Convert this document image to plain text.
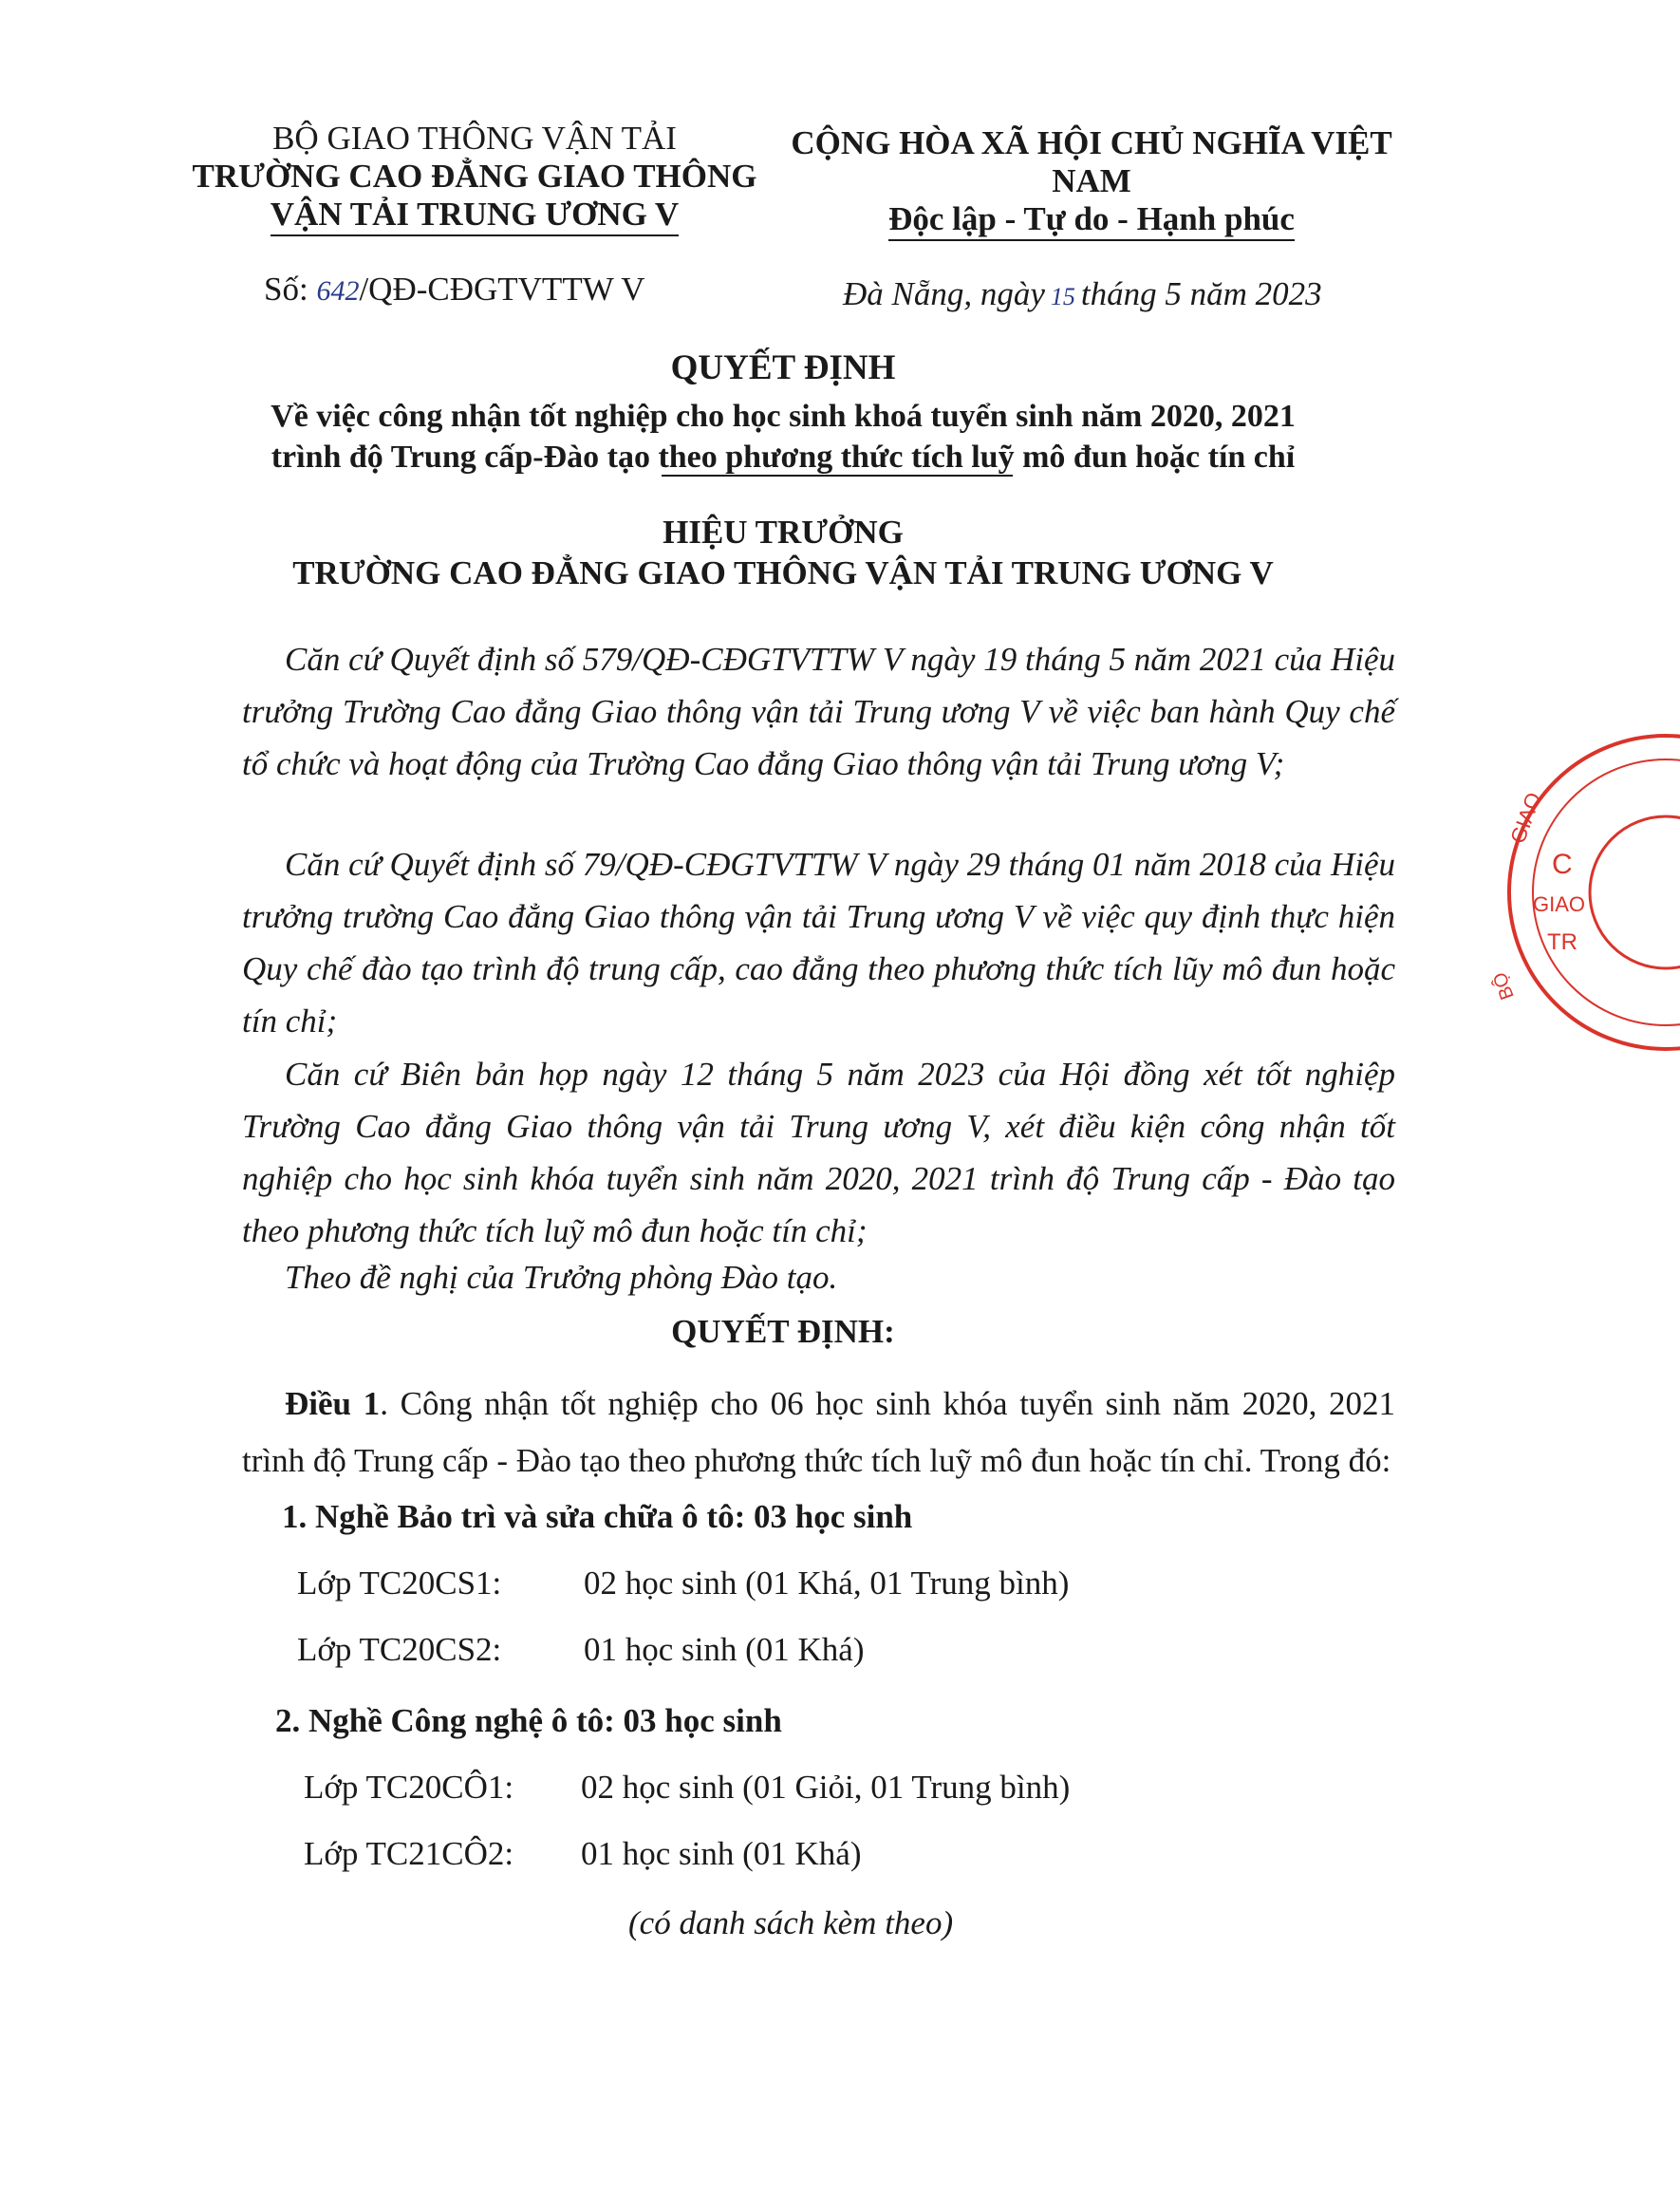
BỘ GIAO THÔNG VẬN TẢI
TRƯỜNG CAO ĐẲNG GIAO THÔNG
VẬN TẢI TRUNG ƯƠNG V
CỘNG HÒA XÃ HỘI CHỦ NGHĨA VIỆT NAM
Độc lập - Tự do - Hạnh phúc
Số: 642/QĐ-CĐGTVTTW V	Đà Nẵng, ngày 15 tháng 5 năm 2023
QUYẾT ĐỊNH
Về việc công nhận tốt nghiệp cho học sinh khoá tuyển sinh năm 2020, 2021
trình độ Trung cấp-Đào tạo theo phương thức tích luỹ mô đun hoặc tín chỉ
HIỆU TRƯỞNG
TRƯỜNG CAO ĐẲNG GIAO THÔNG VẬN TẢI TRUNG ƯƠNG V
Căn cứ Quyết định số 579/QĐ-CĐGTVTTW V ngày 19 tháng 5 năm 2021 của Hiệu trưởng Trường Cao đẳng Giao thông vận tải Trung ương V về việc ban hành Quy chế tổ chức và hoạt động của Trường Cao đẳng Giao thông vận tải Trung ương V;
Căn cứ Quyết định số 79/QĐ-CĐGTVTTW V ngày 29 tháng 01 năm 2018 của Hiệu trưởng trường Cao đẳng Giao thông vận tải Trung ương V về việc quy định thực hiện Quy chế đào tạo trình độ trung cấp, cao đẳng theo phương thức tích lũy mô đun hoặc tín chỉ;
Căn cứ Biên bản họp ngày 12 tháng 5 năm 2023 của Hội đồng xét tốt nghiệp Trường Cao đẳng Giao thông vận tải Trung ương V, xét điều kiện công nhận tốt nghiệp cho học sinh khóa tuyển sinh năm 2020, 2021 trình độ Trung cấp - Đào tạo theo phương thức tích luỹ mô đun hoặc tín chỉ;
Theo đề nghị của Trưởng phòng Đào tạo.
QUYẾT ĐỊNH:
Điều 1. Công nhận tốt nghiệp cho 06 học sinh khóa tuyển sinh năm 2020, 2021 trình độ Trung cấp - Đào tạo theo phương thức tích luỹ mô đun hoặc tín chỉ. Trong đó:
1. Nghề Bảo trì và sửa chữa ô tô: 03 học sinh
Lớp TC20CS1: 02 học sinh (01 Khá, 01 Trung bình)
Lớp TC20CS2: 01 học sinh (01 Khá)
2. Nghề Công nghệ ô tô: 03 học sinh
Lớp TC20CÔ1: 02 học sinh (01 Giỏi, 01 Trung bình)
Lớp TC21CÔ2: 01 học sinh (01 Khá)
(có danh sách kèm theo)
GIAO
BỘ
C
GIAO
TR
